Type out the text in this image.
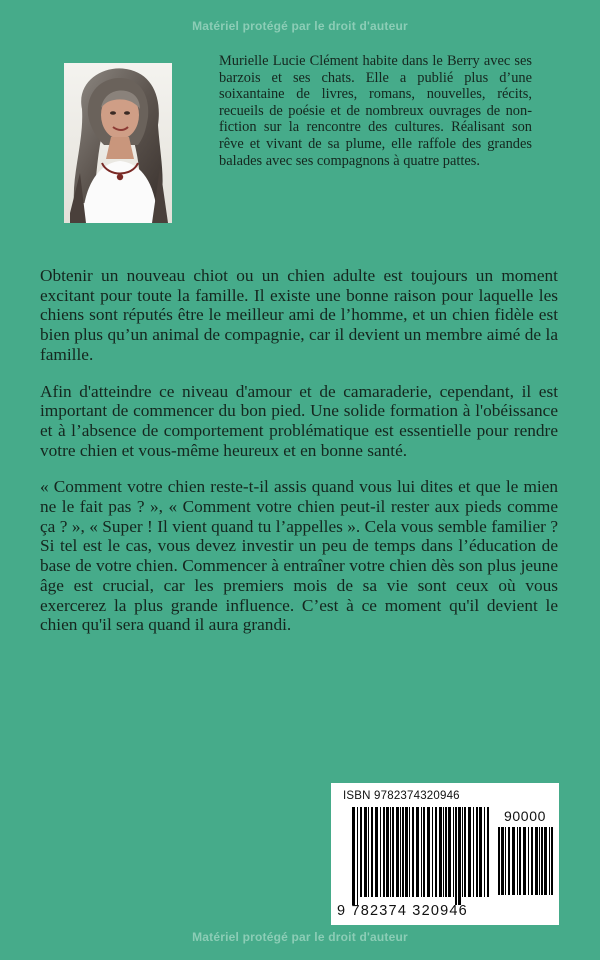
Matériel protégé par le droit d'auteur
Murielle Lucie Clément habite dans le Berry avec ses barzois et ses chats. Elle a publié plus d’une soixantaine de livres, romans, nouvelles, récits, recueils de poésie et de nombreux ouvrages de non-fiction sur la rencontre des cultures. Réalisant son rêve et vivant de sa plume, elle raffole des grandes balades avec ses compagnons à quatre pattes.

Obtenir un nouveau chiot ou un chien adulte est toujours un moment excitant pour toute la famille. Il existe une bonne raison pour laquelle les chiens sont réputés être le meilleur ami de l’homme, et un chien fidèle est bien plus qu’un animal de compagnie, car il devient un membre aimé de la famille.

Afin d'atteindre ce niveau d'amour et de camaraderie, cependant, il est important de commencer du bon pied. Une solide formation à l'obéissance et à l’absence de comportement problématique est essentielle pour rendre votre chien et vous-même heureux et en bonne santé.

« Comment votre chien reste-t-il assis quand vous lui dites et que le mien ne le fait pas ? », « Comment votre chien peut-il rester aux pieds comme ça ? », « Super ! Il vient quand tu l’appelles ». Cela vous semble familier ? Si tel est le cas, vous devez investir un peu de temps dans l’éducation de base de votre chien. Commencer à entraîner votre chien dès son plus jeune âge est crucial, car les premiers mois de sa vie sont ceux où vous exercerez la plus grande influence. C’est à ce moment qu'il devient le chien qu'il sera quand il aura grandi.

ISBN 9782374320946
90000
9 782374 320946
Matériel protégé par le droit d'auteur
